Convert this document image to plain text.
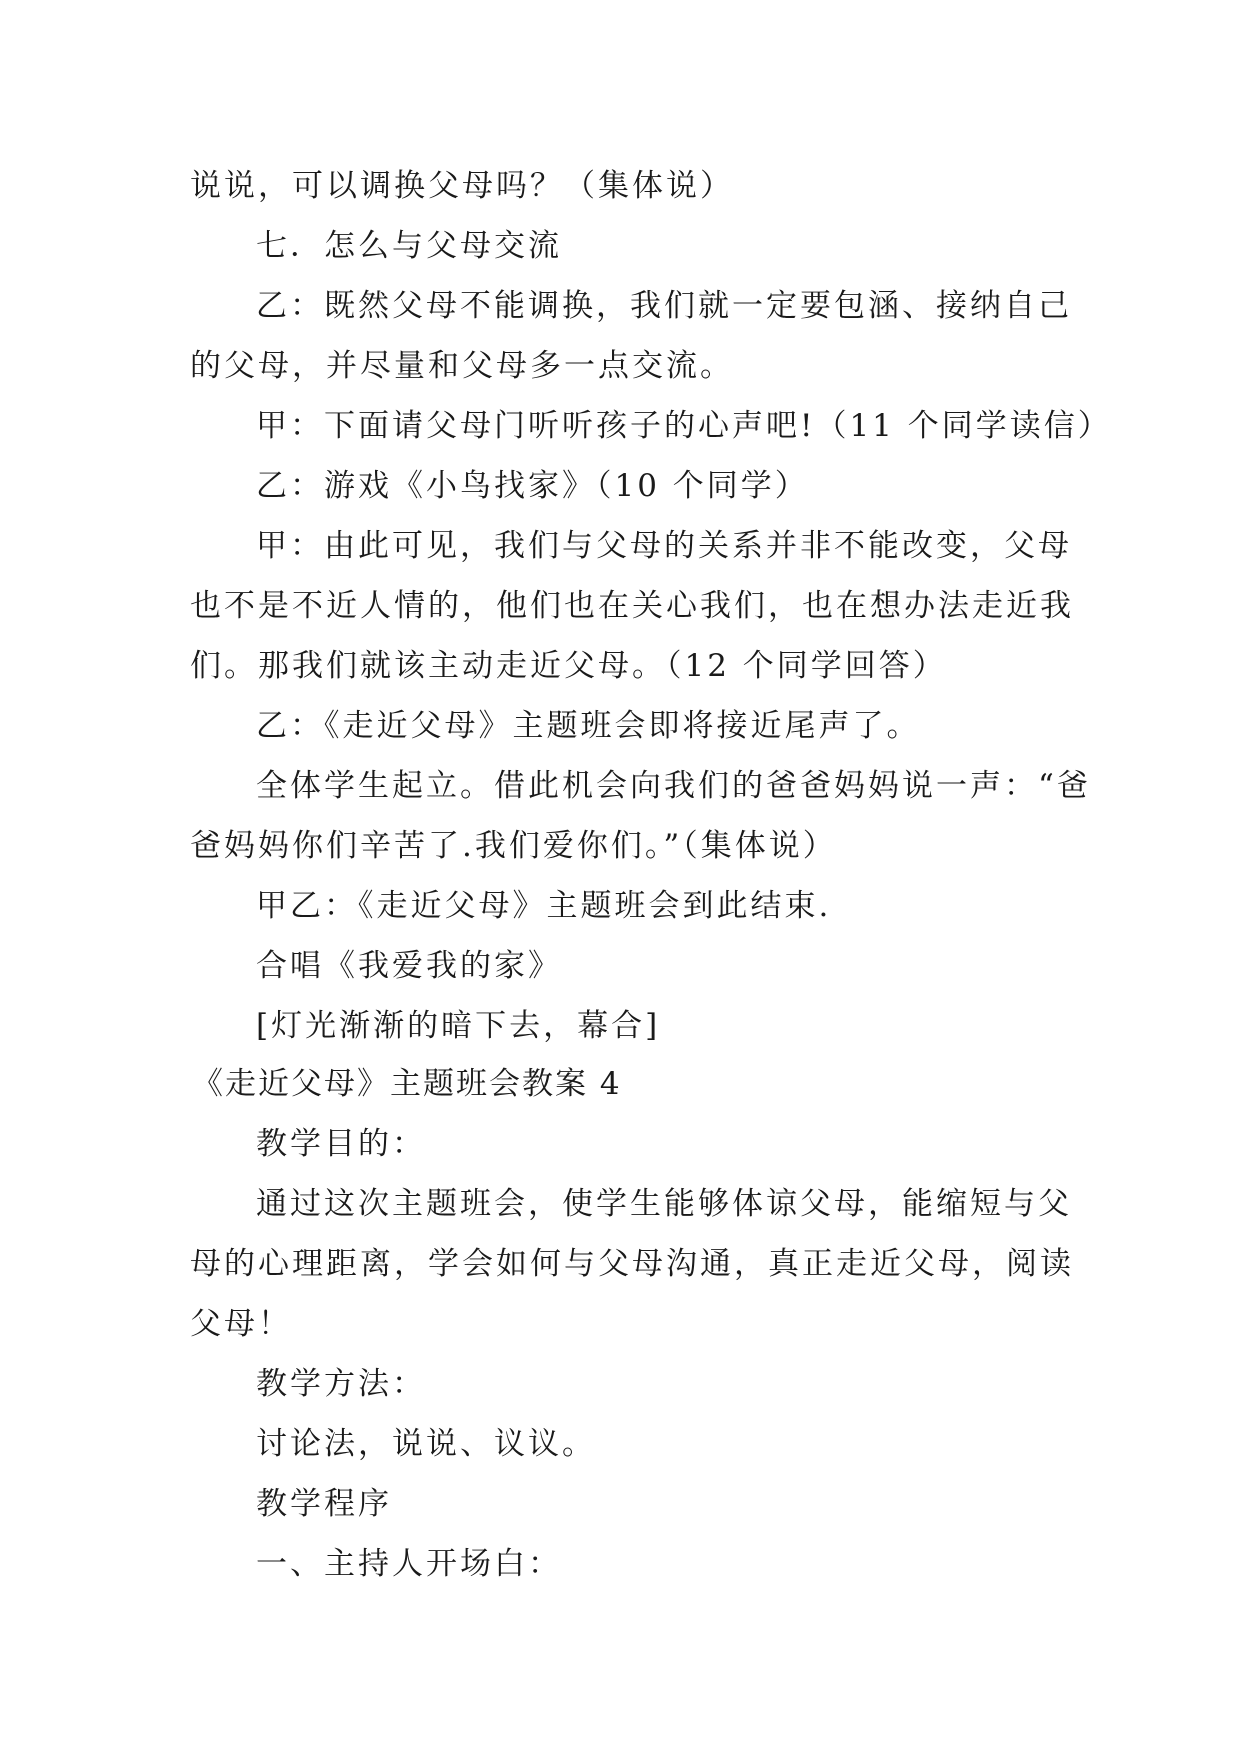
说说，可以调换父母吗？（集体说）
七．怎么与父母交流
乙：既然父母不能调换，我们就一定要包涵、接纳自己
的父母，并尽量和父母多一点交流。
甲：下面请父母门听听孩子的心声吧!（11 个同学读信）
乙：游戏《小鸟找家》（10 个同学）
甲：由此可见，我们与父母的关系并非不能改变，父母
也不是不近人情的，他们也在关心我们，也在想办法走近我
们。那我们就该主动走近父母。（12 个同学回答）
乙：《走近父母》主题班会即将接近尾声了。
全体学生起立。借此机会向我们的爸爸妈妈说一声：“爸
爸妈妈你们辛苦了.我们爱你们。”（集体说）
甲乙：《走近父母》主题班会到此结束.
合唱《我爱我的家》
[灯光渐渐的暗下去，幕合]
《走近父母》主题班会教案 4
教学目的：
通过这次主题班会，使学生能够体谅父母，能缩短与父
母的心理距离，学会如何与父母沟通，真正走近父母，阅读
父母！
教学方法：
讨论法，说说、议议。
教学程序
一、主持人开场白：
